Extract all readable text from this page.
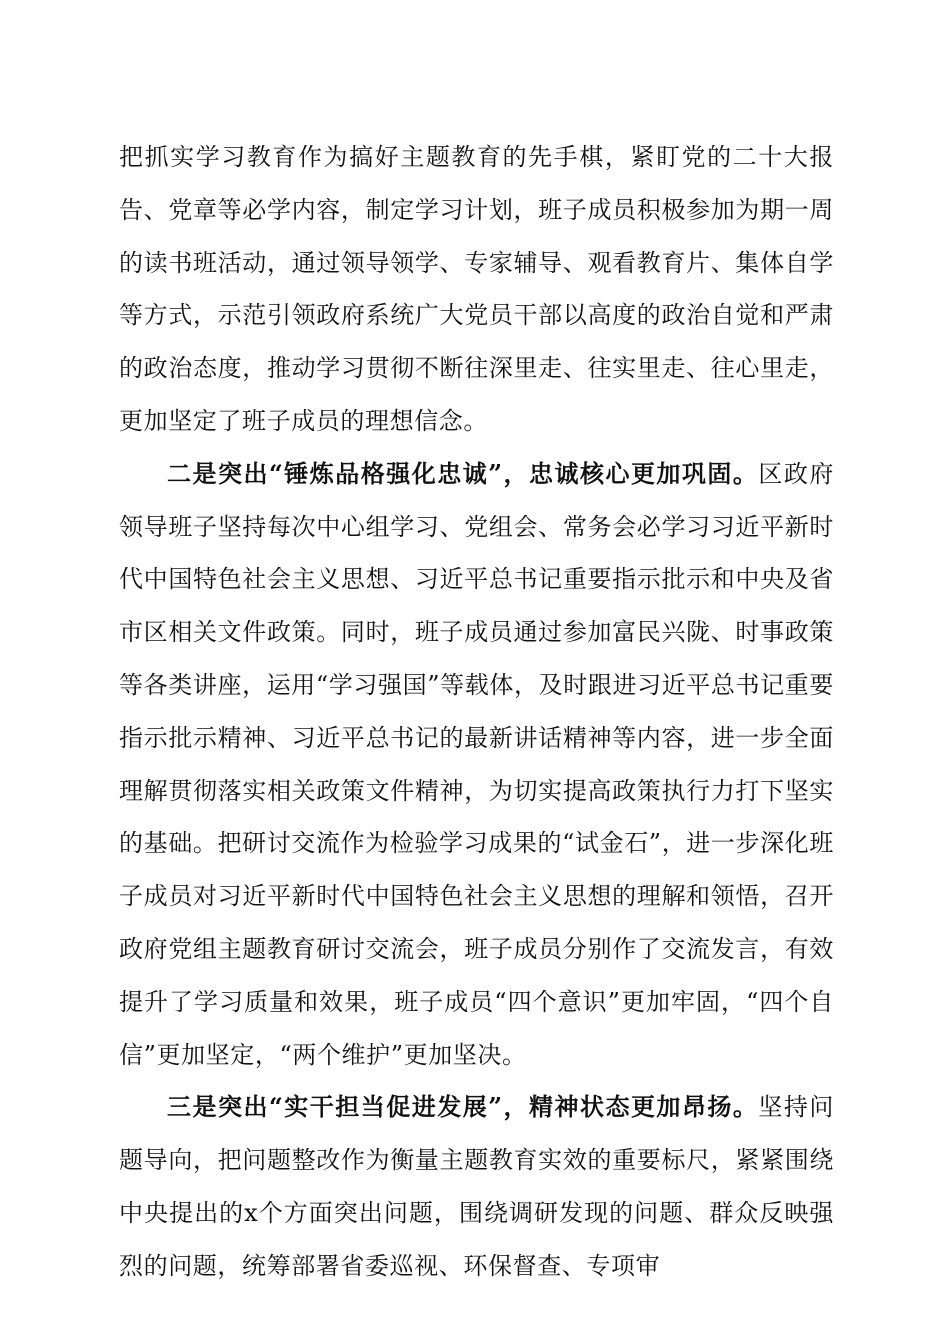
把抓实学习教育作为搞好主题教育的先手棋，紧盯党的二十大报告、党章等必学内容，制定学习计划，班子成员积极参加为期一周的读书班活动，通过领导领学、专家辅导、观看教育片、集体自学等方式，示范引领政府系统广大党员干部以高度的政治自觉和严肃的政治态度，推动学习贯彻不断往深里走、往实里走、往心里走，更加坚定了班子成员的理想信念。

二是突出“锤炼品格强化忠诚”，忠诚核心更加巩固。区政府领导班子坚持每次中心组学习、党组会、常务会必学习习近平新时代中国特色社会主义思想、习近平总书记重要指示批示和中央及省市区相关文件政策。同时，班子成员通过参加富民兴陇、时事政策等各类讲座，运用“学习强国”等载体，及时跟进习近平总书记重要指示批示精神、习近平总书记的最新讲话精神等内容，进一步全面理解贯彻落实相关政策文件精神，为切实提高政策执行力打下坚实的基础。把研讨交流作为检验学习成果的“试金石”，进一步深化班子成员对习近平新时代中国特色社会主义思想的理解和领悟，召开政府党组主题教育研讨交流会，班子成员分别作了交流发言，有效提升了学习质量和效果，班子成员“四个意识”更加牢固，“四个自信”更加坚定，“两个维护”更加坚决。

三是突出“实干担当促进发展”，精神状态更加昂扬。坚持问题导向，把问题整改作为衡量主题教育实效的重要标尺，紧紧围绕中央提出的x个方面突出问题，围绕调研发现的问题、群众反映强烈的问题，统筹部署省委巡视、环保督查、专项审
